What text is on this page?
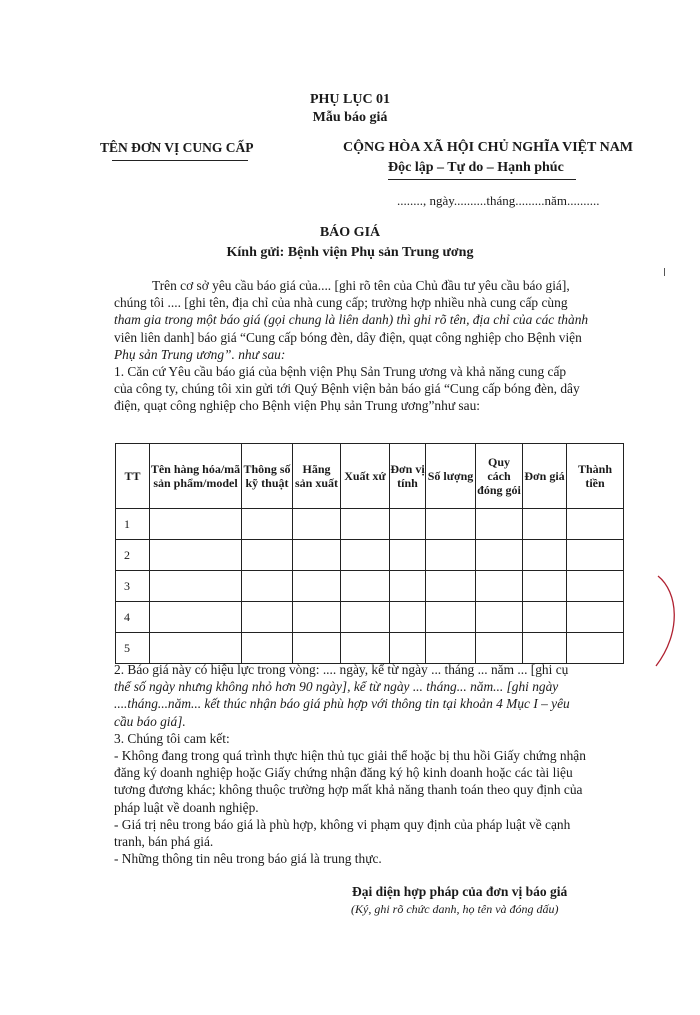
PHỤ LỤC 01
Mẫu báo giá
TÊN ĐƠN VỊ CUNG CẤP	CỘNG HÒA XÃ HỘI CHỦ NGHĨA VIỆT NAM
Độc lập – Tự do – Hạnh phúc
........, ngày..........tháng.........năm..........
BÁO GIÁ
Kính gửi: Bệnh viện Phụ sản Trung ương

Trên cơ sở yêu cầu báo giá của.... [ghi rõ tên của Chủ đầu tư yêu cầu báo giá],

chúng tôi .... [ghi tên, địa chỉ của nhà cung cấp; trường hợp nhiều nhà cung cấp cùng

tham gia trong một báo giá (gọi chung là liên danh) thì ghi rõ tên, địa chỉ của các thành

viên liên danh] báo giá “Cung cấp bóng đèn, dây điện, quạt công nghiệp cho Bệnh viện

Phụ sản Trung ương”. như sau:

1. Căn cứ Yêu cầu báo giá của bệnh viện Phụ Sản Trung ương và khả năng cung cấp

của công ty, chúng tôi xin gửi tới Quý Bệnh viện bản báo giá “Cung cấp bóng đèn, dây

điện, quạt công nghiệp cho Bệnh viện Phụ sản Trung ương”như sau:

TT	Tên hàng hóa/mã sản phẩm/model	Thông số kỹ thuật	Hãng sản xuất	Xuất xứ	Đơn vị tính	Số lượng	Quy cách đóng gói	Đơn giá	Thành tiền
1									
2									
3									
4									
5									

2. Báo giá này có hiệu lực trong vòng: .... ngày, kể từ ngày ... tháng ... năm ... [ghi cụ

thể số ngày nhưng không nhỏ hơn 90 ngày], kể từ ngày ... tháng... năm... [ghi ngày

....tháng...năm... kết thúc nhận báo giá phù hợp với thông tin tại khoản 4 Mục I – yêu

cầu báo giá].

3. Chúng tôi cam kết:

- Không đang trong quá trình thực hiện thủ tục giải thể hoặc bị thu hồi Giấy chứng nhận

đăng ký doanh nghiệp hoặc Giấy chứng nhận đăng ký hộ kinh doanh hoặc các tài liệu

tương đương khác; không thuộc trường hợp mất khả năng thanh toán theo quy định của

pháp luật về doanh nghiệp.

- Giá trị nêu trong báo giá là phù hợp, không vi phạm quy định của pháp luật về cạnh

tranh, bán phá giá.

- Những thông tin nêu trong báo giá là trung thực.

Đại diện hợp pháp của đơn vị báo giá
(Ký, ghi rõ chức danh, họ tên và đóng dấu)
